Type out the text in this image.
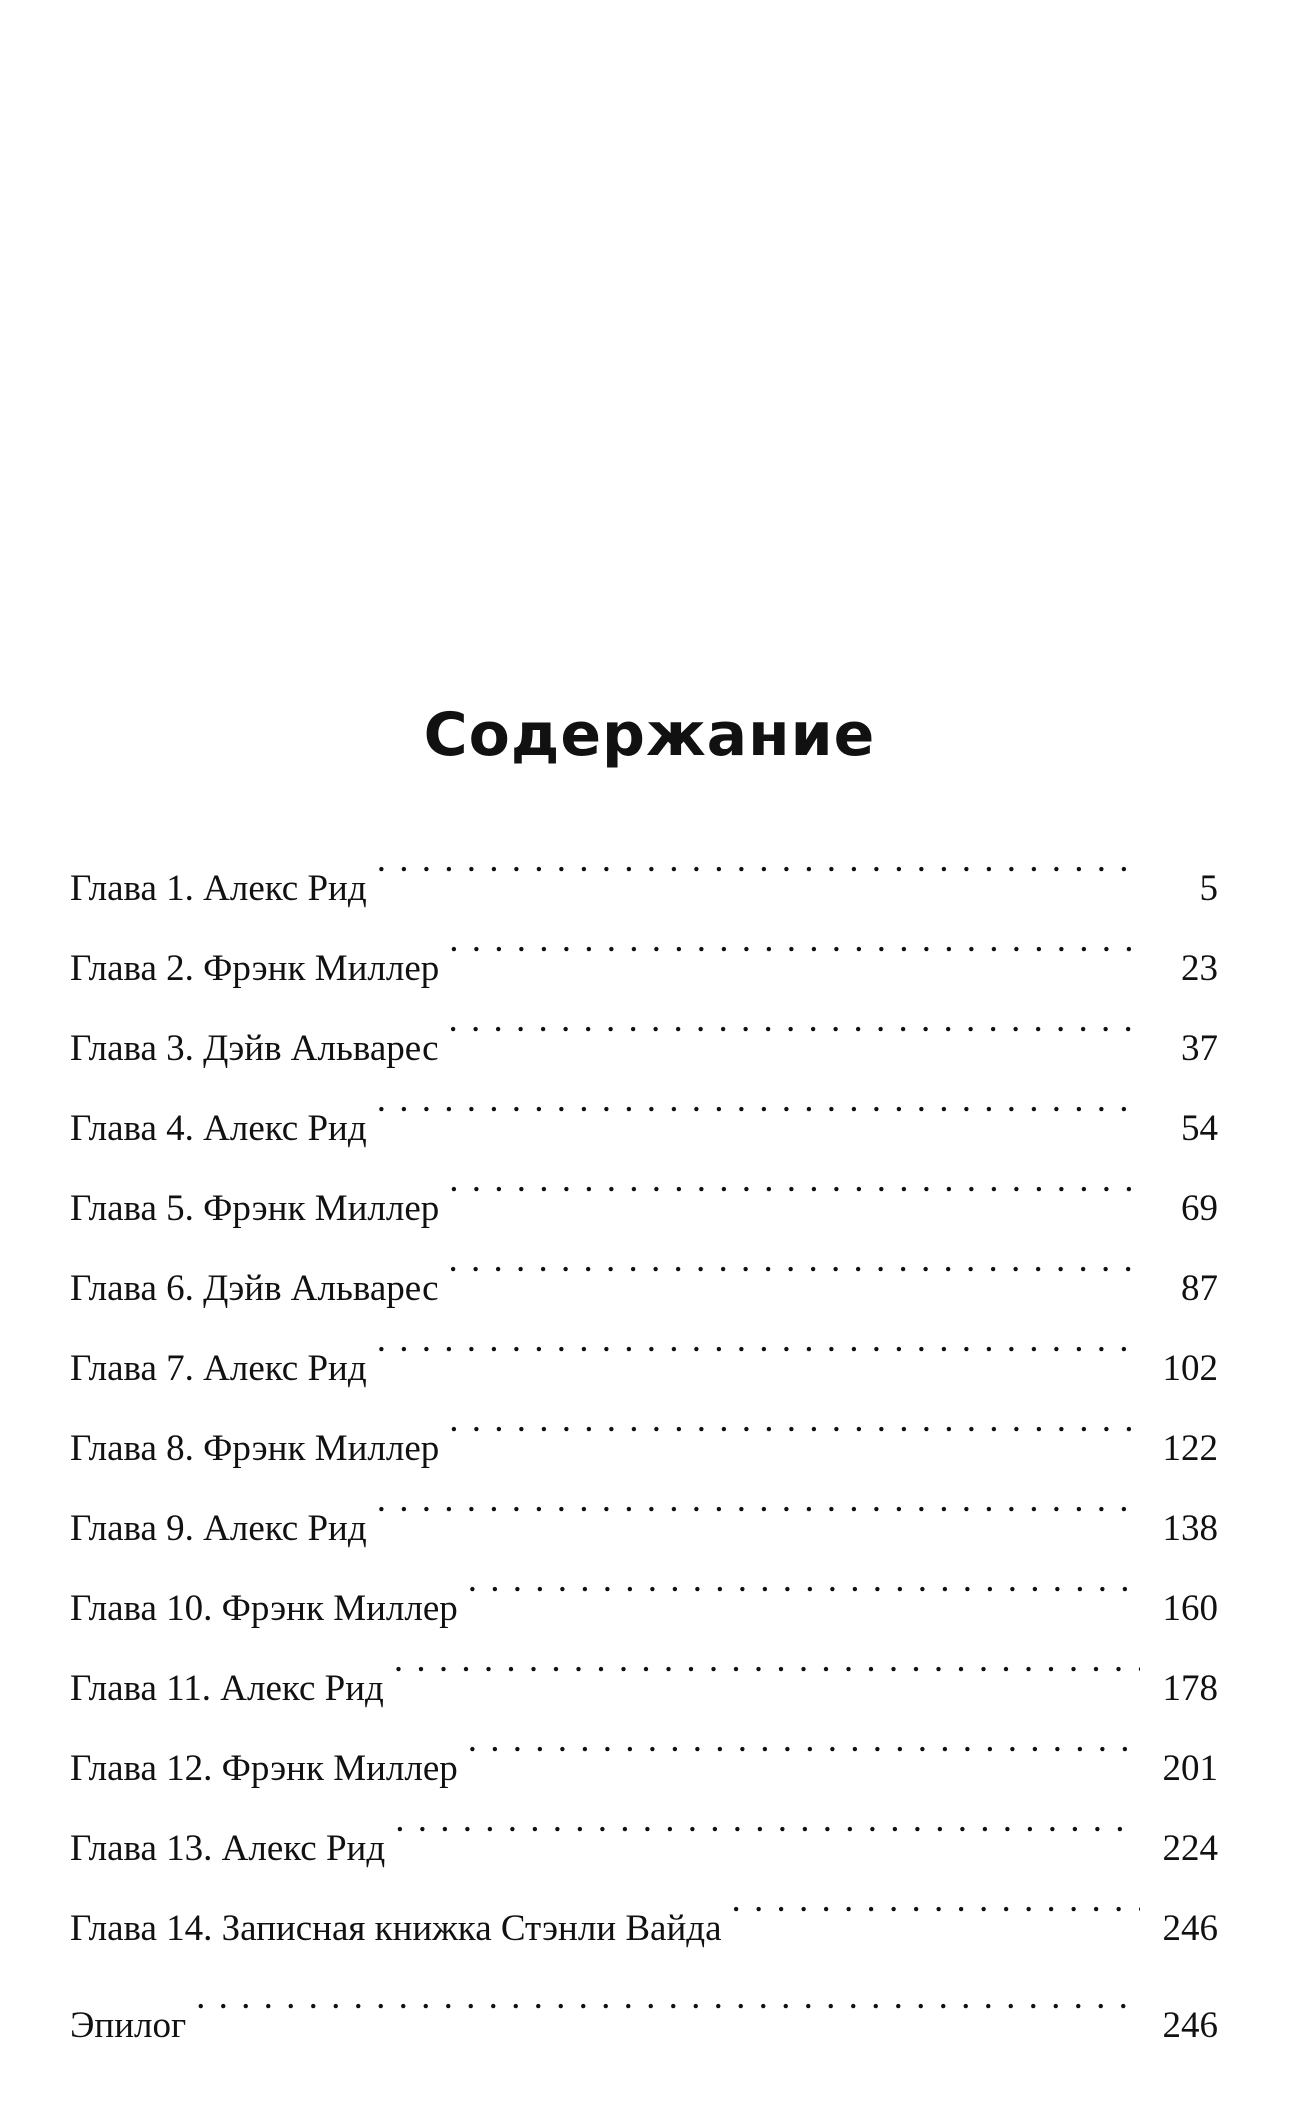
Содержание
Глава 1. Алекс Рид . . .	5
Глава 2. Фрэнк Миллер . . .	23
Глава 3. Дэйв Альварес . . .	37
Глава 4. Алекс Рид . . .	54
Глава 5. Фрэнк Миллер . . .	69
Глава 6. Дэйв Альварес . . .	87
Глава 7. Алекс Рид . . .	102
Глава 8. Фрэнк Миллер . . .	122
Глава 9. Алекс Рид . . .	138
Глава 10. Фрэнк Миллер . . .	160
Глава 11. Алекс Рид . . .	178
Глава 12. Фрэнк Миллер . . .	201
Глава 13. Алекс Рид . . .	224
Глава 14. Записная книжка Стэнли Вайда . . .	246
Эпилог . . .	246
